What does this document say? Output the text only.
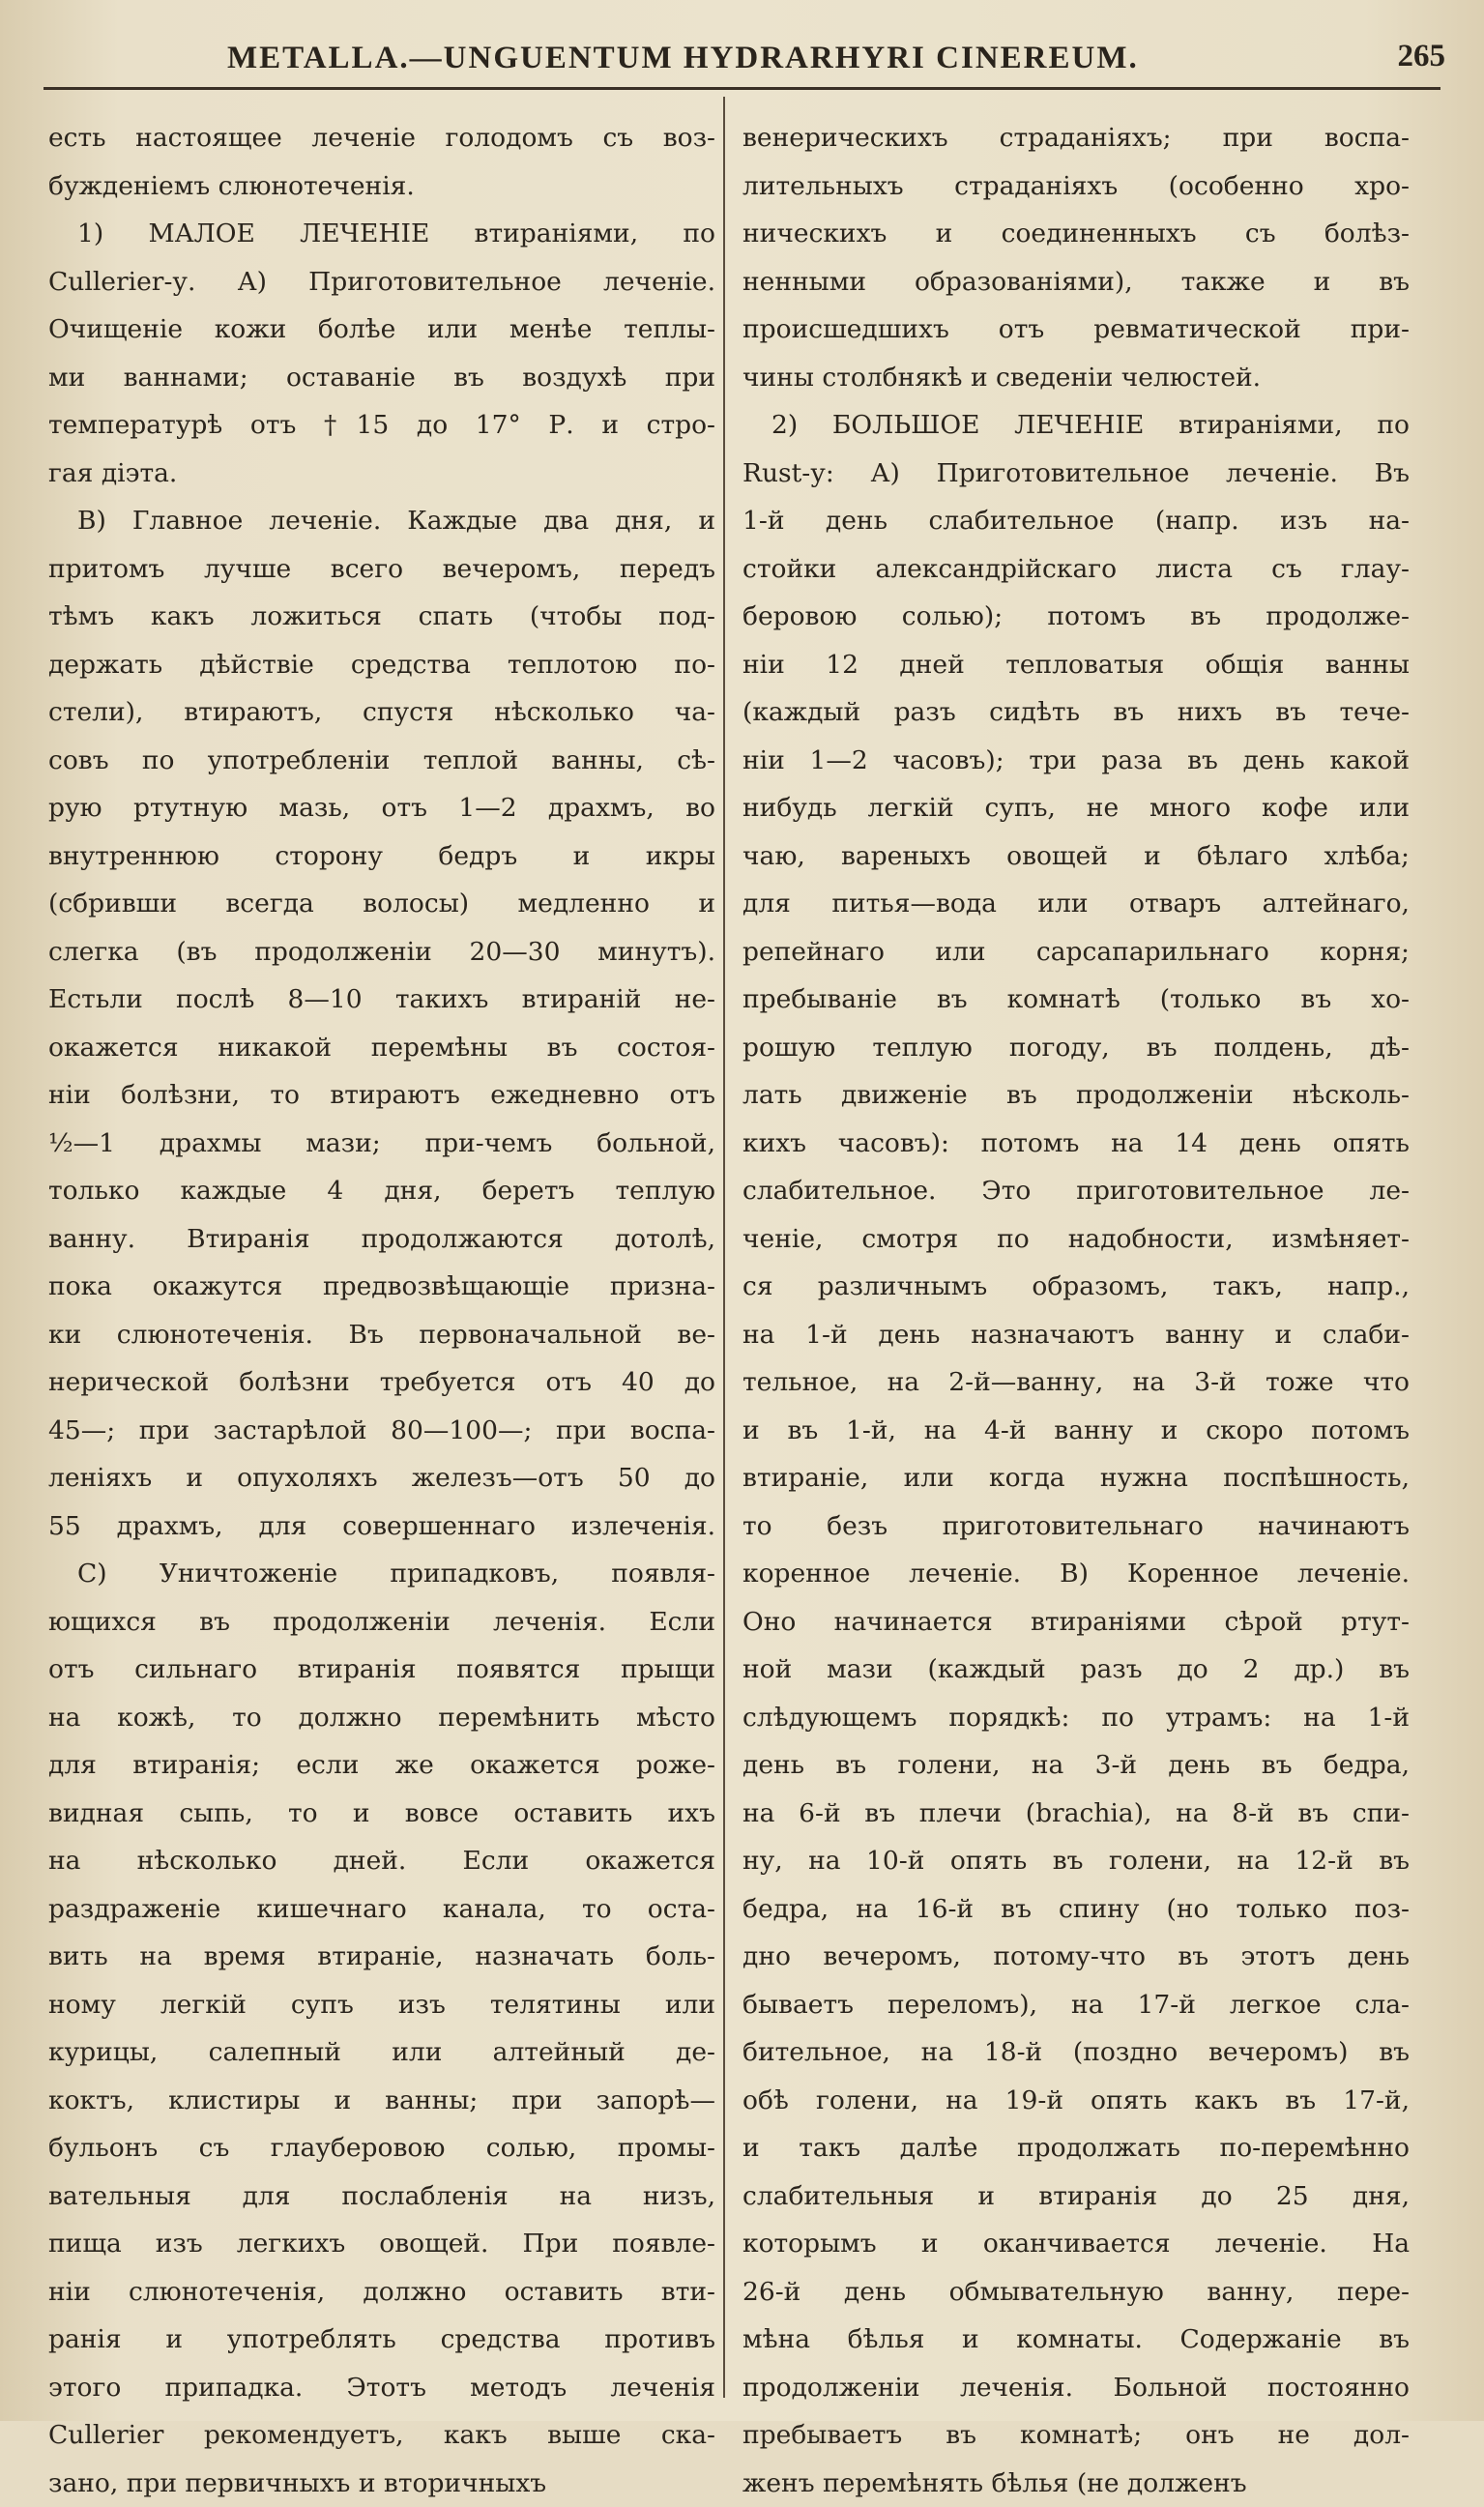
METALLA.—UNGUENTUM HYDRARHYRI CINEREUM.	265
есть настоящее леченіе голодомъ съ воз-
бужденіемъ слюнотеченія.
1) МАЛОЕ ЛЕЧЕНІЕ втираніями, по
Cullerier-у. А) Приготовительное леченіе.
Очищеніе кожи болѣе или менѣе теплы-
ми ваннами; оставаніе въ воздухѣ при
температурѣ отъ †15 до 17° Р. и стро-
гая діэта.
В) Главное леченіе. Каждые два дня, и
притомъ лучше всего вечеромъ, передъ
тѣмъ какъ ложиться спать (чтобы под-
держать дѣйствіе средства теплотою по-
стели), втираютъ, спустя нѣсколько ча-
совъ по употребленіи теплой ванны, сѣ-
рую ртутную мазь, отъ 1—2 драхмъ, во
внутреннюю сторону бедръ и икры
(сбривши всегда волосы) медленно и
слегка (въ продолженіи 20—30 минутъ).
Естьли послѣ 8—10 такихъ втираній не-
окажется никакой перемѣны въ состоя-
ніи болѣзни, то втираютъ ежедневно отъ
½—1 драхмы мази; при-чемъ больной,
только каждые 4 дня, беретъ теплую
ванну. Втиранія продолжаются дотолѣ,
пока окажутся предвозвѣщающіе призна-
ки слюнотеченія. Въ первоначальной ве-
нерической болѣзни требуется отъ 40 до
45—; при застарѣлой 80—100—; при воспа-
леніяхъ и опухоляхъ железъ—отъ 50 до
55 драхмъ, для совершеннаго излеченія.
С) Уничтоженіе припадковъ, появля-
ющихся въ продолженіи леченія. Если
отъ сильнаго втиранія появятся прыщи
на кожѣ, то должно перемѣнить мѣсто
для втиранія; если же окажется роже-
видная сыпь, то и вовсе оставить ихъ
на нѣсколько дней. Если окажется
раздраженіе кишечнаго канала, то оста-
вить на время втираніе, назначать боль-
ному легкій супъ изъ телятины или
курицы, салепный или алтейный де-
коктъ, клистиры и ванны; при запорѣ—
бульонъ съ глауберовою солью, промы-
вательныя для послабленія на низъ,
пища изъ легкихъ овощей. При появле-
ніи слюнотеченія, должно оставить вти-
ранія и употреблять средства противъ
этого припадка. Этотъ методъ леченія
Cullerier рекомендуетъ, какъ выше ска-
зано, при первичныхъ и вторичныхъ
венерическихъ страданіяхъ; при воспа-
лительныхъ страданіяхъ (особенно хро-
ническихъ и соединенныхъ съ болѣз-
ненными образованіями), также и въ
происшедшихъ отъ ревматической при-
чины столбнякѣ и сведеніи челюстей.
2) БОЛЬШОЕ ЛЕЧЕНІЕ втираніями, по
Rust-у: А) Приготовительное леченіе. Въ
1-й день слабительное (напр. изъ на-
стойки александрійскаго листа съ глау-
беровою солью); потомъ въ продолже-
ніи 12 дней тепловатыя общія ванны
(каждый разъ сидѣть въ нихъ въ тече-
ніи 1—2 часовъ); три раза въ день какой
нибудь легкій супъ, не много кофе или
чаю, вареныхъ овощей и бѣлаго хлѣба;
для питья—вода или отваръ алтейнаго,
репейнаго или сарсапарильнаго корня;
пребываніе въ комнатѣ (только въ хо-
рошую теплую погоду, въ полдень, дѣ-
лать движеніе въ продолженіи нѣсколь-
кихъ часовъ): потомъ на 14 день опять
слабительное. Это приготовительное ле-
ченіе, смотря по надобности, измѣняет-
ся различнымъ образомъ, такъ, напр.,
на 1-й день назначаютъ ванну и слаби-
тельное, на 2-й—ванну, на 3-й тоже что
и въ 1-й, на 4-й ванну и скоро потомъ
втираніе, или когда нужна поспѣшность,
то безъ приготовительнаго начинаютъ
коренное леченіе. В) Коренное леченіе.
Оно начинается втираніями сѣрой ртут-
ной мази (каждый разъ до 2 др.) въ
слѣдующемъ порядкѣ: по утрамъ: на 1-й
день въ голени, на 3-й день въ бедра,
на 6-й въ плечи (brachia), на 8-й въ спи-
ну, на 10-й опять въ голени, на 12-й въ
бедра, на 16-й въ спину (но только поз-
дно вечеромъ, потому-что въ этотъ день
бываетъ переломъ), на 17-й легкое сла-
бительное, на 18-й (поздно вечеромъ) въ
обѣ голени, на 19-й опять какъ въ 17-й,
и такъ далѣе продолжать по-перемѣнно
слабительныя и втиранія до 25 дня,
которымъ и оканчивается леченіе. На
26-й день обмывательную ванну, пере-
мѣна бѣлья и комнаты. Содержаніе въ
продолженіи леченія. Больной постоянно
пребываетъ въ комнатѣ; онъ не дол-
женъ перемѣнять бѣлья (не долженъ
